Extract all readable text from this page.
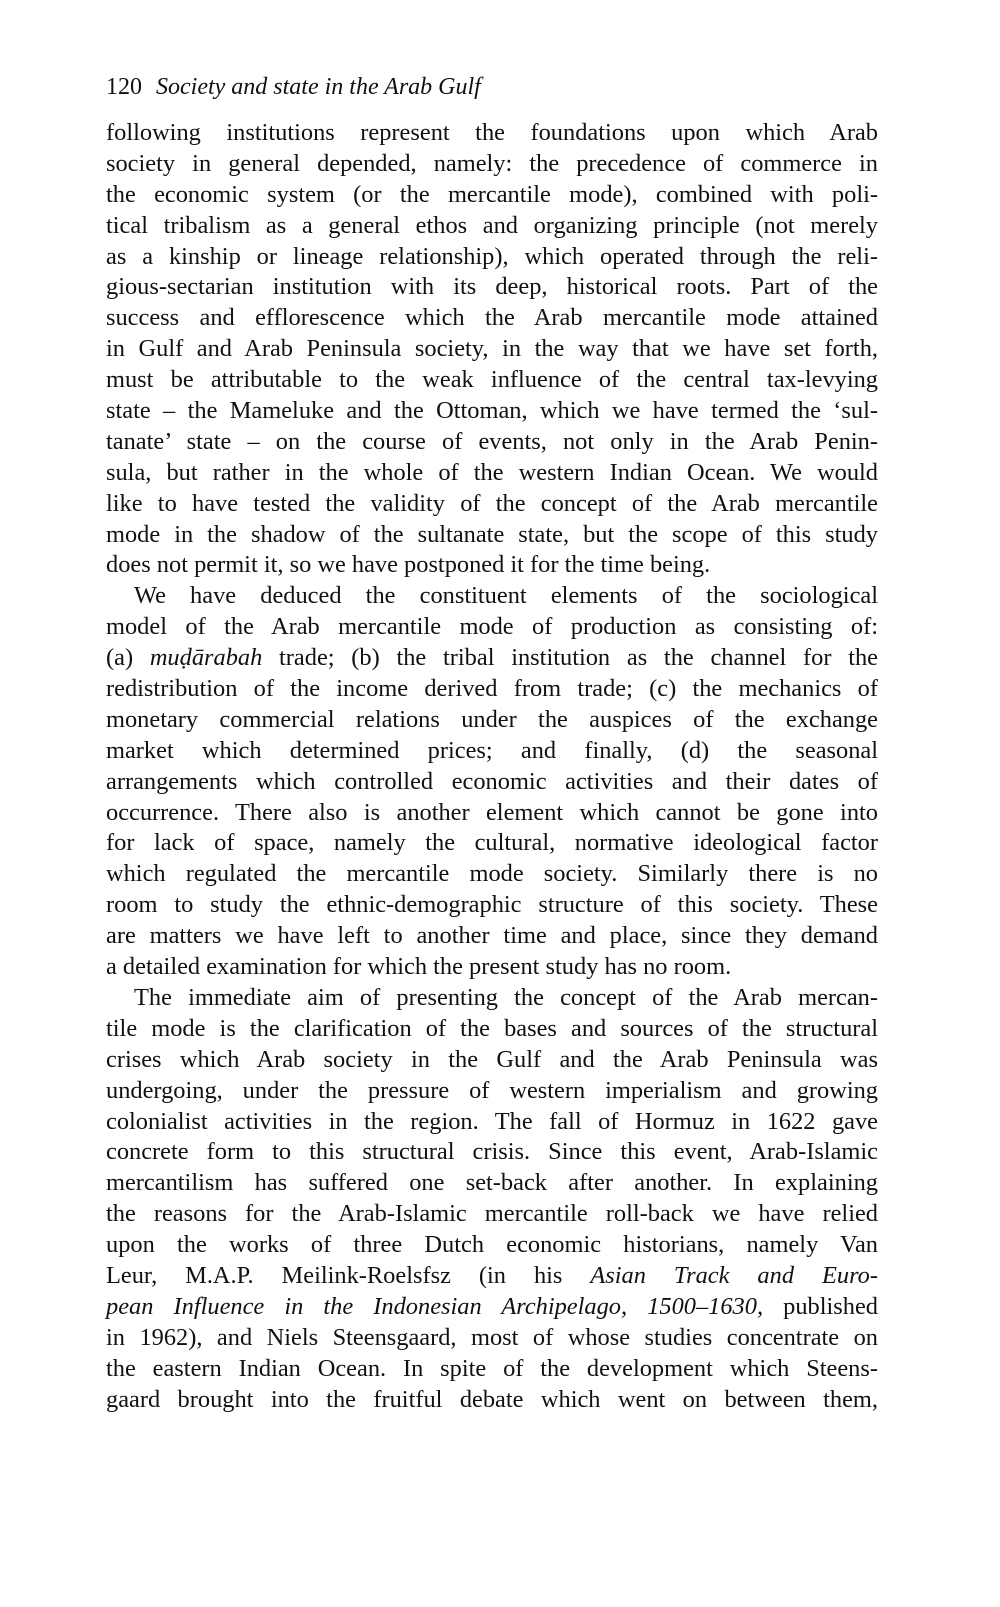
120 Society and state in the Arab Gulf
following institutions represent the foundations upon which Arab
society in general depended, namely: the precedence of commerce in
the economic system (or the mercantile mode), combined with poli-
tical tribalism as a general ethos and organizing principle (not merely
as a kinship or lineage relationship), which operated through the reli-
gious-sectarian institution with its deep, historical roots. Part of the
success and efflorescence which the Arab mercantile mode attained
in Gulf and Arab Peninsula society, in the way that we have set forth,
must be attributable to the weak influence of the central tax-levying
state – the Mameluke and the Ottoman, which we have termed the ‘sul-
tanate’ state – on the course of events, not only in the Arab Penin-
sula, but rather in the whole of the western Indian Ocean. We would
like to have tested the validity of the concept of the Arab mercantile
mode in the shadow of the sultanate state, but the scope of this study
does not permit it, so we have postponed it for the time being.
We have deduced the constituent elements of the sociological
model of the Arab mercantile mode of production as consisting of:
(a) muḍārabah trade; (b) the tribal institution as the channel for the
redistribution of the income derived from trade; (c) the mechanics of
monetary commercial relations under the auspices of the exchange
market which determined prices; and finally, (d) the seasonal
arrangements which controlled economic activities and their dates of
occurrence. There also is another element which cannot be gone into
for lack of space, namely the cultural, normative ideological factor
which regulated the mercantile mode society. Similarly there is no
room to study the ethnic-demographic structure of this society. These
are matters we have left to another time and place, since they demand
a detailed examination for which the present study has no room.
The immediate aim of presenting the concept of the Arab mercan-
tile mode is the clarification of the bases and sources of the structural
crises which Arab society in the Gulf and the Arab Peninsula was
undergoing, under the pressure of western imperialism and growing
colonialist activities in the region. The fall of Hormuz in 1622 gave
concrete form to this structural crisis. Since this event, Arab-Islamic
mercantilism has suffered one set-back after another. In explaining
the reasons for the Arab-Islamic mercantile roll-back we have relied
upon the works of three Dutch economic historians, namely Van
Leur, M.A.P. Meilink-Roelsfsz (in his Asian Track and Euro-
pean Influence in the Indonesian Archipelago, 1500–1630, published
in 1962), and Niels Steensgaard, most of whose studies concentrate on
the eastern Indian Ocean. In spite of the development which Steens-
gaard brought into the fruitful debate which went on between them,
